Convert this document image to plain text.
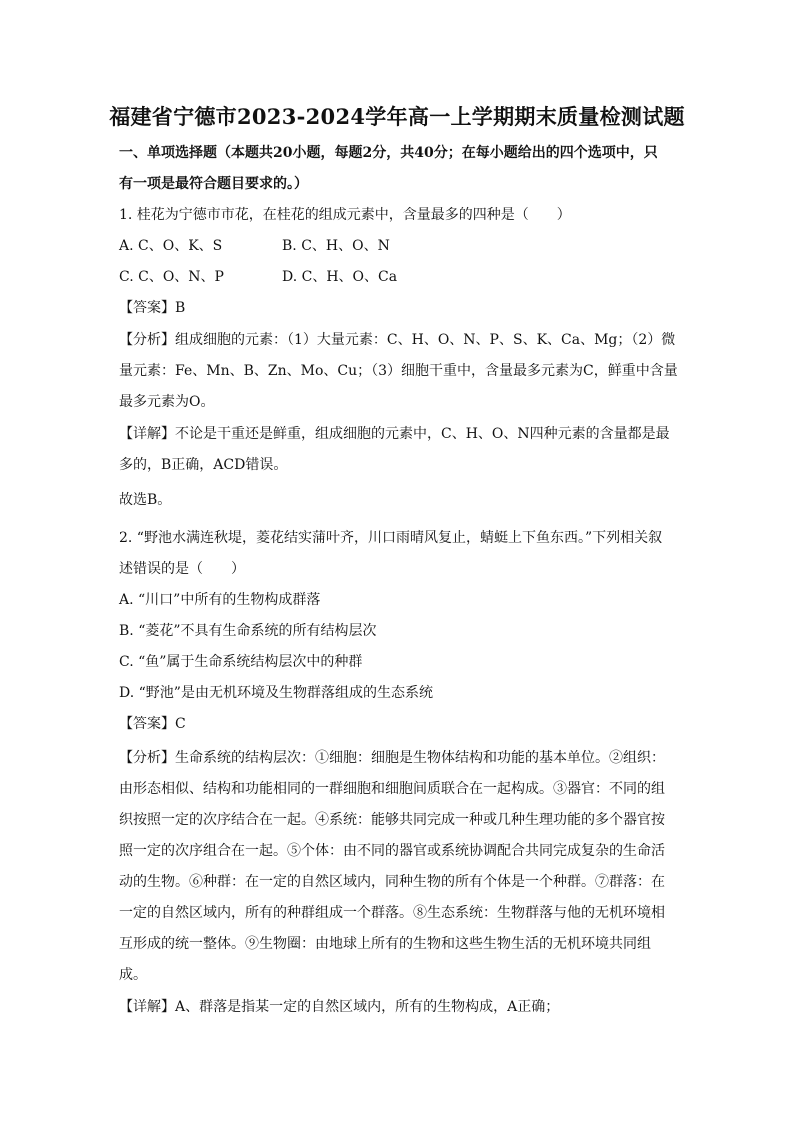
福建省宁德市2023-2024学年高一上学期期末质量检测试题
一、单项选择题（本题共20小题，每题2分，共40分；在每小题给出的四个选项中，只
有一项是最符合题目要求的。）
1. 桂花为宁德市市花，在桂花的组成元素中，含量最多的四种是（　　）
A. C、O、K、S	B. C、H、O、N
C. C、O、N、P	D. C、H、O、Ca
【答案】B
【分析】组成细胞的元素：（1）大量元素：C、H、O、N、P、S、K、Ca、Mg；（2）微
量元素：Fe、Mn、B、Zn、Mo、Cu；（3）细胞干重中，含量最多元素为C，鲜重中含量
最多元素为O。
【详解】不论是干重还是鲜重，组成细胞的元素中，C、H、O、N四种元素的含量都是最
多的，B正确，ACD错误。
故选B。
2. “野池水满连秋堤，菱花结实蒲叶齐，川口雨晴风复止，蜻蜓上下鱼东西。”下列相关叙
述错误的是（　　）
A. “川口”中所有的生物构成群落
B. “菱花”不具有生命系统的所有结构层次
C. “鱼”属于生命系统结构层次中的种群
D. “野池”是由无机环境及生物群落组成的生态系统
【答案】C
【分析】生命系统的结构层次：①细胞：细胞是生物体结构和功能的基本单位。②组织：
由形态相似、结构和功能相同的一群细胞和细胞间质联合在一起构成。③器官：不同的组
织按照一定的次序结合在一起。④系统：能够共同完成一种或几种生理功能的多个器官按
照一定的次序组合在一起。⑤个体：由不同的器官或系统协调配合共同完成复杂的生命活
动的生物。⑥种群：在一定的自然区域内，同种生物的所有个体是一个种群。⑦群落：在
一定的自然区域内，所有的种群组成一个群落。⑧生态系统：生物群落与他的无机环境相
互形成的统一整体。⑨生物圈：由地球上所有的生物和这些生物生活的无机环境共同组
成。
【详解】A、群落是指某一定的自然区域内，所有的生物构成，A正确；
